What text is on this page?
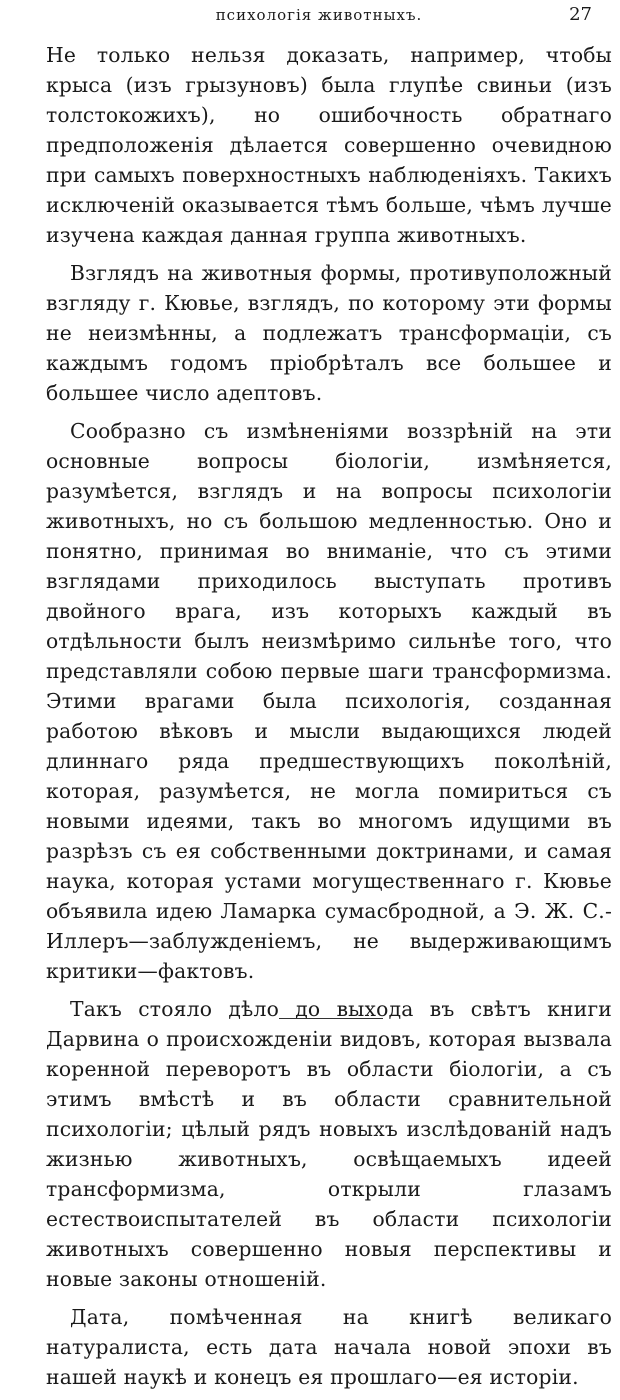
психологія животныхъ.	27

Не только нельзя доказать, например, чтобы крыса (изъ грызуновъ) была глупѣе свиньи (изъ толстокожихъ), но ошибочность обратнаго предположенія дѣлается совершенно очевидною при самыхъ поверхностныхъ наблюденіяхъ. Такихъ исключеній оказывается тѣмъ больше, чѣмъ лучше изучена каждая данная группа животныхъ.

Взглядъ на животныя формы, противуположный взгляду г. Кювье, взглядъ, по которому эти формы не неизмѣнны, а подлежатъ трансформаціи, съ каждымъ годомъ пріобрѣталъ все большее и большее число адептовъ.

Сообразно съ измѣненіями воззрѣній на эти основные вопросы біологіи, измѣняется, разумѣется, взглядъ и на вопросы психологіи животныхъ, но съ большою медленностью. Оно и понятно, принимая во вниманіе, что съ этими взглядами приходилось выступать противъ двойного врага, изъ которыхъ каждый въ отдѣльности былъ неизмѣримо сильнѣе того, что представляли собою первые шаги трансформизма. Этими врагами была психологія, созданная работою вѣковъ и мысли выдающихся людей длиннаго ряда предшествующихъ поколѣній, которая, разумѣется, не могла помириться съ новыми идеями, такъ во многомъ идущими въ разрѣзъ съ ея собственными доктринами, и самая наука, которая устами могущественнаго г. Кювье объявила идею Ламарка сумасбродной, а Э. Ж. С.-Иллеръ—заблужденіемъ, не выдерживающимъ критики—фактовъ.

Такъ стояло дѣло до выхода въ свѣтъ книги Дарвина о происхожденіи видовъ, которая вызвала коренной переворотъ въ области біологіи, а съ этимъ вмѣстѣ и въ области сравнительной психологіи; цѣлый рядъ новыхъ изслѣдованій надъ жизнью животныхъ, освѣщаемыхъ идеей трансформизма, открыли глазамъ естествоиспытателей въ области психологіи животныхъ совершенно новыя перспективы и новые законы отношеній.

Дата, помѣченная на книгѣ великаго натуралиста, есть дата начала новой эпохи въ нашей наукѣ и конецъ ея прошлаго—ея исторіи.
